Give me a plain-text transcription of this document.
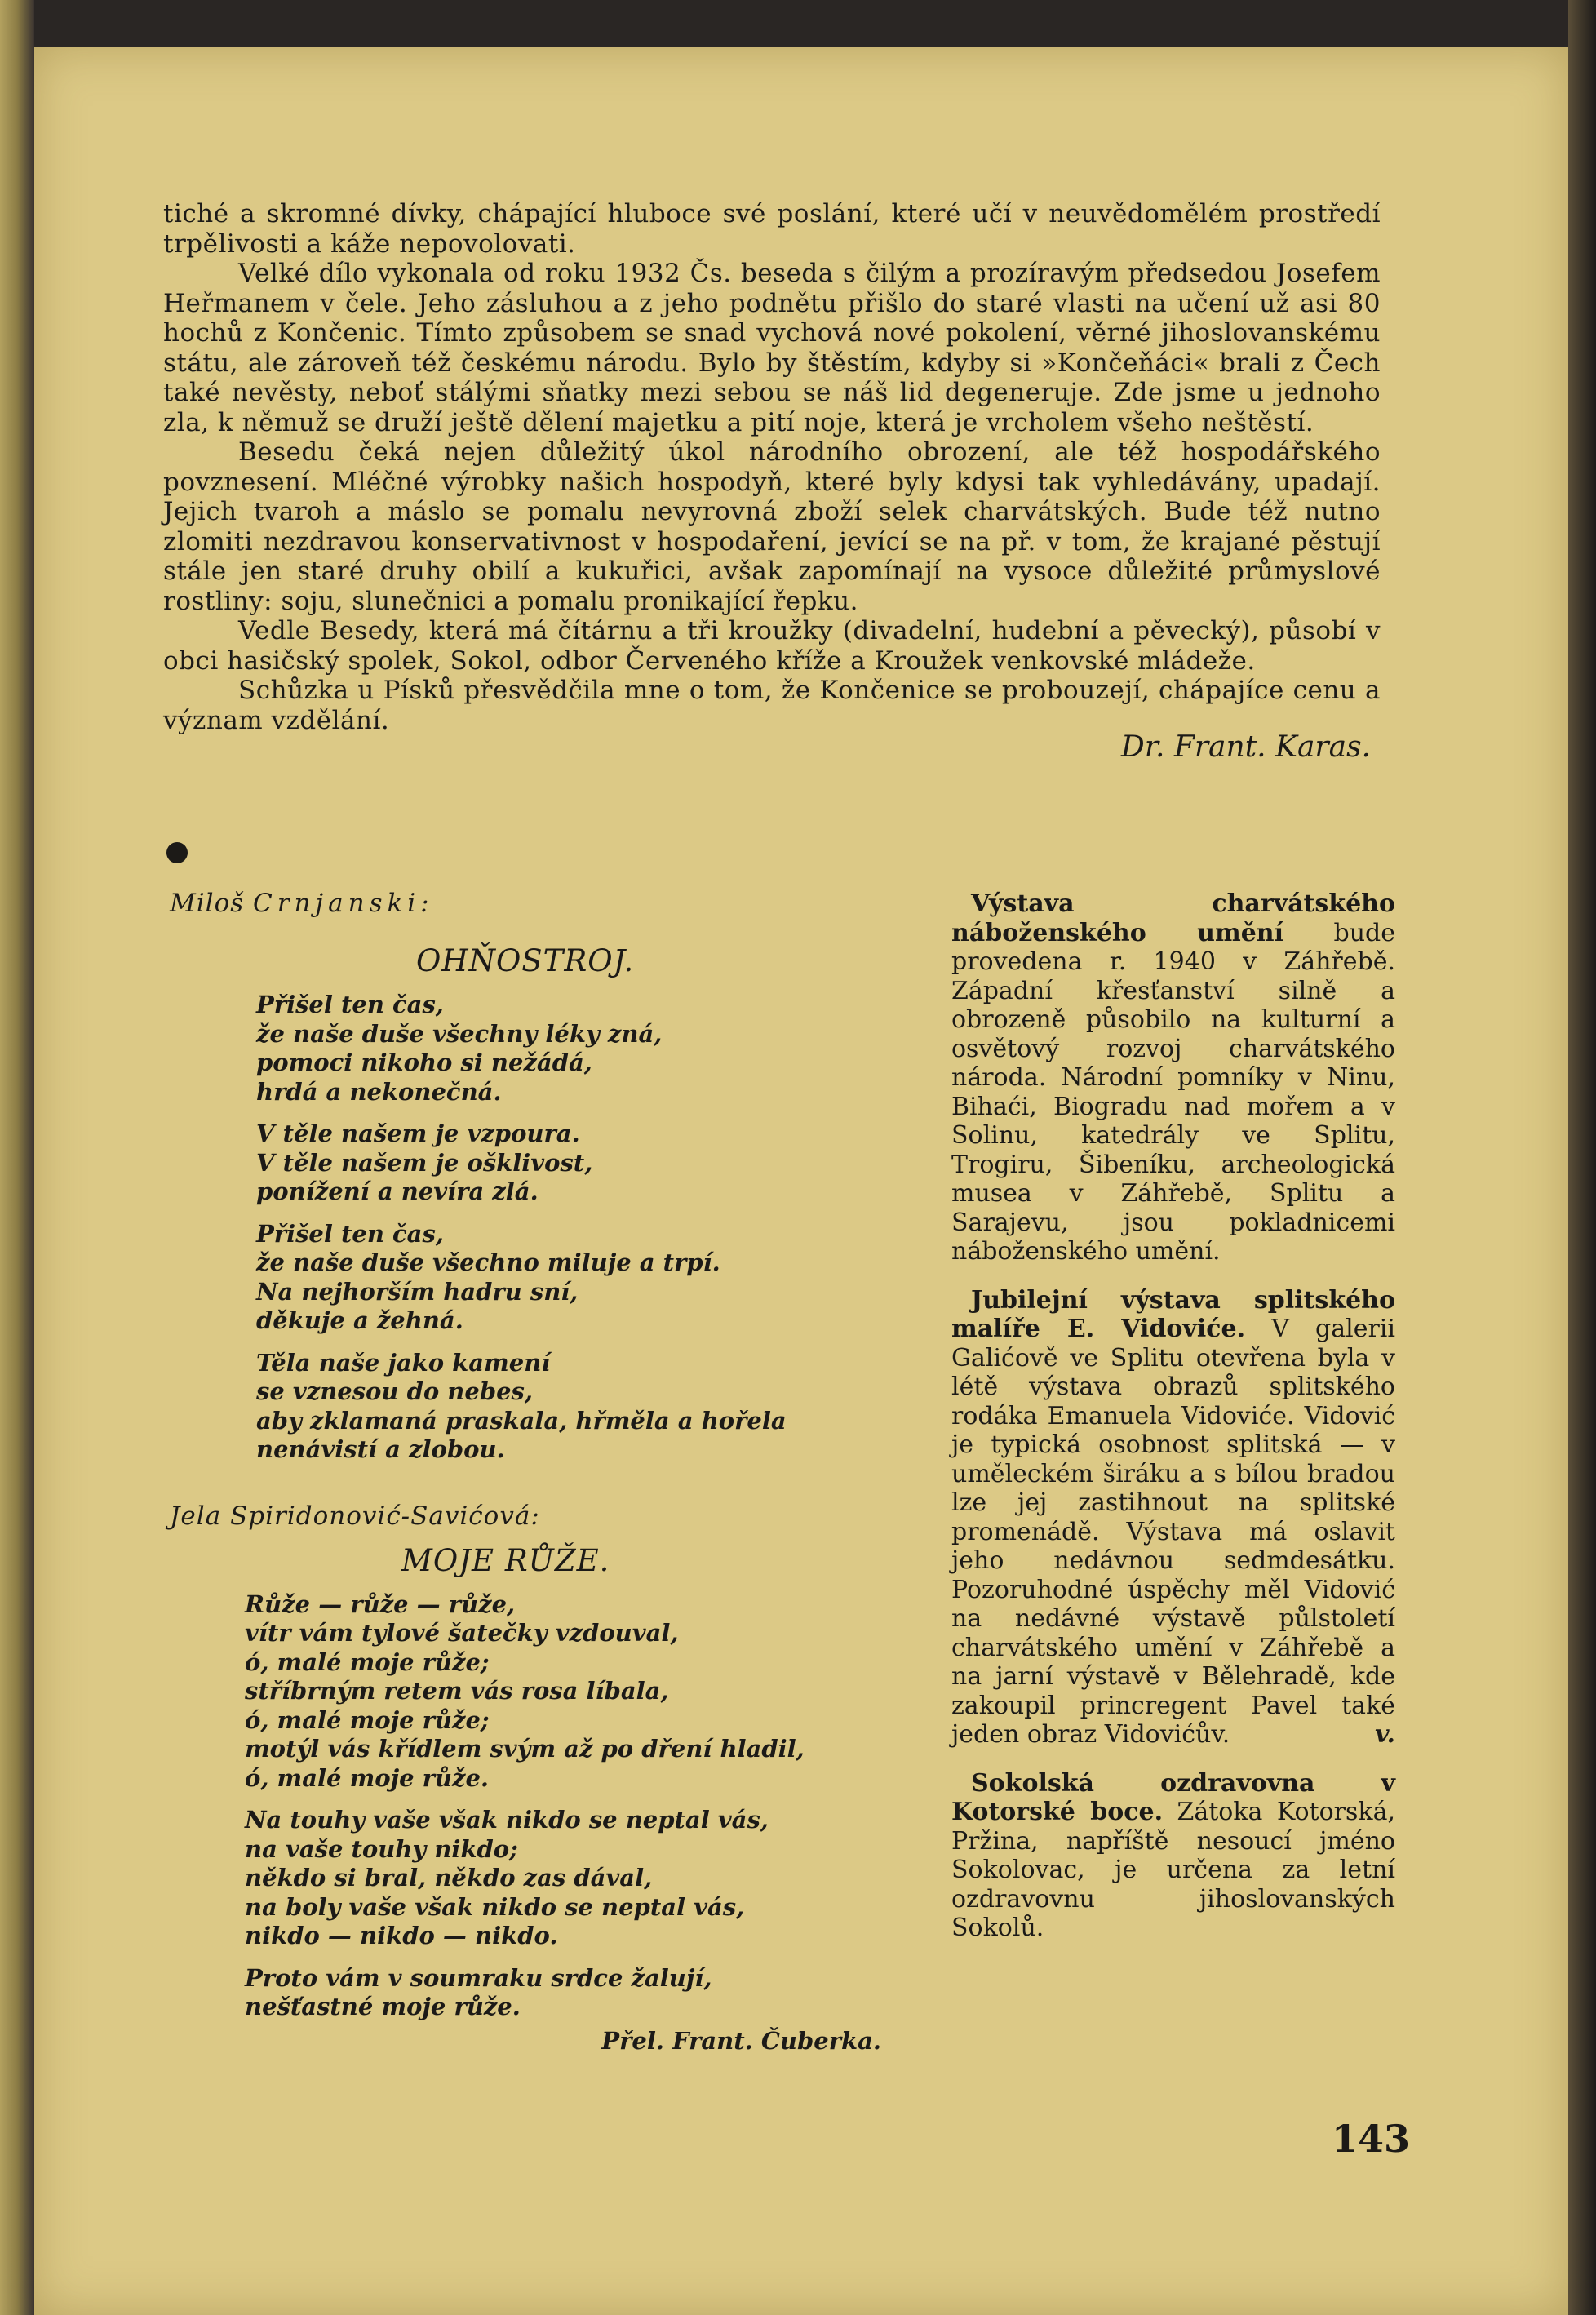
tiché a skromné dívky, chápající hluboce své poslání, které učí v neuvědomělém prostředí trpělivosti a káže nepovolovati.

Velké dílo vykonala od roku 1932 Čs. beseda s čilým a prozíravým předsedou Josefem Heřmanem v čele. Jeho zásluhou a z jeho podnětu přišlo do staré vlasti na učení už asi 80 hochů z Končenic. Tímto způsobem se snad vychová nové pokolení, věrné jihoslovanskému státu, ale zároveň též českému národu. Bylo by štěstím, kdyby si »Končeňáci« brali z Čech také nevěsty, neboť stálými sňatky mezi sebou se náš lid degeneruje. Zde jsme u jednoho zla, k němuž se druží ještě dělení majetku a pití noje, která je vrcholem všeho neštěstí.

Besedu čeká nejen důležitý úkol národního obrození, ale též hospodářského povznesení. Mléčné výrobky našich hospodyň, které byly kdysi tak vyhledávány, upadají. Jejich tvaroh a máslo se pomalu nevyrovná zboží selek charvátských. Bude též nutno zlomiti nezdravou konservativnost v hospodaření, jevící se na př. v tom, že krajané pěstují stále jen staré druhy obilí a kukuřici, avšak zapomínají na vysoce důležité průmyslové rostliny: soju, slunečnici a pomalu pronikající řepku.

Vedle Besedy, která má čítárnu a tři kroužky (divadelní, hudební a pěvecký), působí v obci hasičský spolek, Sokol, odbor Červeného kříže a Kroužek venkovské mládeže.

Schůzka u Písků přesvědčila mne o tom, že Končenice se probouzejí, chápajíce cenu a význam vzdělání.

Dr. Frant. Karas.
Miloš Crnjanski:
OHŇOSTROJ.
Přišel ten čas,
že naše duše všechny léky zná,
pomoci nikoho si nežádá,
hrdá a nekonečná.
V těle našem je vzpoura.
V těle našem je ošklivost,
ponížení a nevíra zlá.
Přišel ten čas,
že naše duše všechno miluje a trpí.
Na nejhorším hadru sní,
děkuje a žehná.
Těla naše jako kamení
se vznesou do nebes,
aby zklamaná praskala, hřměla a hořela
nenávistí a zlobou.
Jela Spiridonović-Savićová:
MOJE RŮŽE.
Růže — růže — růže,
vítr vám tylové šatečky vzdouval,
ó, malé moje růže;
stříbrným retem vás rosa líbala,
ó, malé moje růže;
motýl vás křídlem svým až po dření hladil,
ó, malé moje růže.
Na touhy vaše však nikdo se neptal vás,
na vaše touhy nikdo;
někdo si bral, někdo zas dával,
na boly vaše však nikdo se neptal vás,
nikdo — nikdo — nikdo.
Proto vám v soumraku srdce žalují,
nešťastné moje růže.
Přel. Frant. Čuberka.

Výstava charvátského náboženského umění bude provedena r. 1940 v Záhřebě. Západní křesťanství silně a obrozeně působilo na kulturní a osvětový rozvoj charvátského národa. Národní pomníky v Ninu, Bihaći, Biogradu nad mořem a v Solinu, katedrály ve Splitu, Trogiru, Šibeníku, archeologická musea v Záhřebě, Splitu a Sarajevu, jsou pokladnicemi náboženského umění.

Jubilejní výstava splitského malíře E. Vidoviće. V galerii Galićově ve Splitu otevřena byla v létě výstava obrazů splitského rodáka Emanuela Vidoviće. Vidović je typická osobnost splitská — v uměleckém širáku a s bílou bradou lze jej zastihnout na splitské promenádě. Výstava má oslavit jeho nedávnou sedmdesátku. Pozoruhodné úspěchy měl Vidović na nedávné výstavě půlstoletí charvátského umění v Záhřebě a na jarní výstavě v Bělehradě, kde zakoupil princregent Pavel také jeden obraz Vidovićův.	v.

Sokolská ozdravovna v Kotorské boce. Zátoka Kotorská, Pržina, napříště nesoucí jméno Sokolovac, je určena za letní ozdravovnu jihoslovanských Sokolů.

143
